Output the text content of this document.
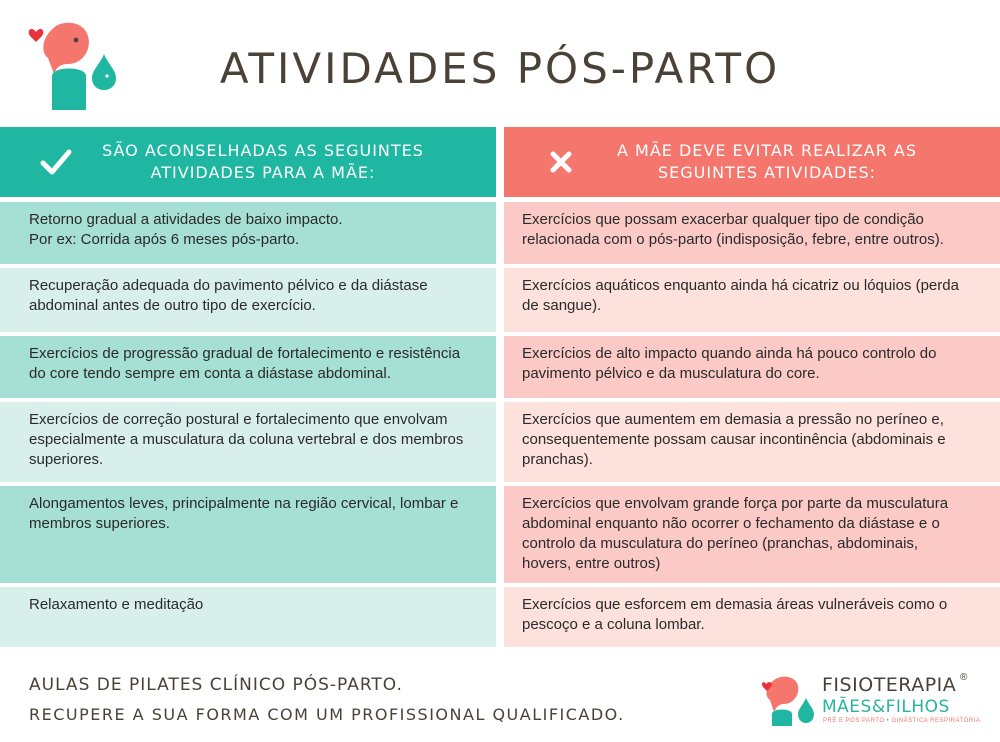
ATIVIDADES PÓS-PARTO
SÃO ACONSELHADAS AS SEGUINTES
ATIVIDADES PARA A MÃE:
Retorno gradual a atividades de baixo impacto.
Por ex: Corrida após 6 meses pós-parto.
Recuperação adequada do pavimento pélvico e da diástase
abdominal antes de outro tipo de exercício.
Exercícios de progressão gradual de fortalecimento e resistência
do core tendo sempre em conta a diástase abdominal.
Exercícios de correção postural e fortalecimento que envolvam
especialmente a musculatura da coluna vertebral e dos membros
superiores.
Alongamentos leves, principalmente na região cervical, lombar e
membros superiores.
Relaxamento e meditação
A MÃE DEVE EVITAR REALIZAR AS
SEGUINTES ATIVIDADES:
Exercícios que possam exacerbar qualquer tipo de condição
relacionada com o pós-parto (indisposição, febre, entre outros).
Exercícios aquáticos enquanto ainda há cicatriz ou lóquios (perda
de sangue).
Exercícios de alto impacto quando ainda há pouco controlo do
pavimento pélvico e da musculatura do core.
Exercícios que aumentem em demasia a pressão no períneo e,
consequentemente possam causar incontinência (abdominais e
pranchas).
Exercícios que envolvam grande força por parte da musculatura
abdominal enquanto não ocorrer o fechamento da diástase e o
controlo da musculatura do períneo (pranchas, abdominais,
hovers, entre outros)
Exercícios que esforcem em demasia áreas vulneráveis como o
pescoço e a coluna lombar.
AULAS DE PILATES CLÍNICO PÓS-PARTO.
RECUPERE A SUA FORMA COM UM PROFISSIONAL QUALIFICADO.
FISIOTERAPIA ®
MÃES&FILHOS
PRÉ E PÓS PARTO • GINÁSTICA RESPIRATÓRIA
